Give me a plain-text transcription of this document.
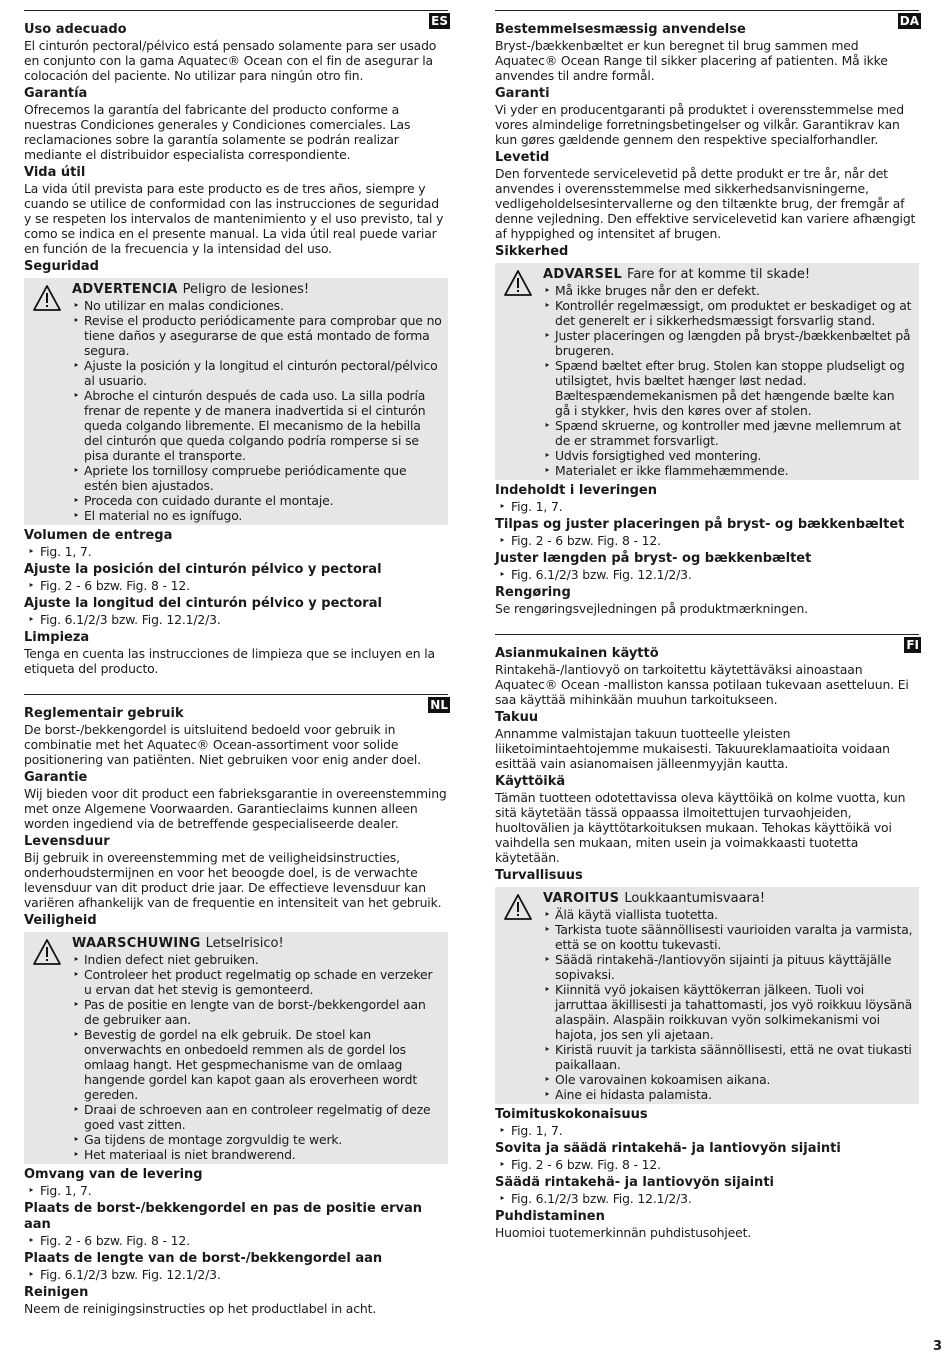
ES
Uso adecuado

El cinturón pectoral/pélvico está pensado solamente para ser usado en conjunto con la gama Aquatec® Ocean con el fin de asegurar la colocación del paciente. No utilizar para ningún otro fin.

Garantía

Ofrecemos la garantía del fabricante del producto conforme a nuestras Condiciones generales y Condiciones comerciales. Las reclamaciones sobre la garantía solamente se podrán realizar mediante el distribuidor especialista correspondiente.

Vida útil

La vida útil prevista para este producto es de tres años, siempre y cuando se utilice de conformidad con las instrucciones de seguridad y se respeten los intervalos de mantenimiento y el uso previsto, tal y como se indica en el presente manual. La vida útil real puede variar en función de la frecuencia y la intensidad del uso.

Seguridad
ADVERTENCIA Peligro de lesiones!
‣ No utilizar en malas condiciones.
‣ Revise el producto periódicamente para comprobar que no tiene daños y asegurarse de que está montado de forma segura.
‣ Ajuste la posición y la longitud el cinturón pectoral/pélvico al usuario.
‣ Abroche el cinturón después de cada uso. La silla podría frenar de repente y de manera inadvertida si el cinturón queda colgando libremente. El mecanismo de la hebilla del cinturón que queda colgando podría romperse si se pisa durante el transporte.
‣ Apriete los tornillosy compruebe periódicamente que estén bien ajustados.
‣ Proceda con cuidado durante el montaje.
‣ El material no es ignífugo.
Volumen de entrega
‣ Fig. 1, 7.
Ajuste la posición del cinturón pélvico y pectoral
‣ Fig. 2 - 6 bzw. Fig. 8 - 12.
Ajuste la longitud del cinturón pélvico y pectoral
‣ Fig. 6.1/2/3 bzw. Fig. 12.1/2/3.
Limpieza

Tenga en cuenta las instrucciones de limpieza que se incluyen en la etiqueta del producto.

NL
Reglementair gebruik

De borst-/bekkengordel is uitsluitend bedoeld voor gebruik in combinatie met het Aquatec® Ocean-assortiment voor solide positionering van patiënten. Niet gebruiken voor enig ander doel.

Garantie

Wij bieden voor dit product een fabrieksgarantie in overeenstemming met onze Algemene Voorwaarden. Garantieclaims kunnen alleen worden ingediend via de betreffende gespecialiseerde dealer.

Levensduur

Bij gebruik in overeenstemming met de veiligheidsinstructies, onderhoudstermijnen en voor het beoogde doel, is de verwachte levensduur van dit product drie jaar. De effectieve levensduur kan variëren afhankelijk van de frequentie en intensiteit van het gebruik.

Veiligheid
WAARSCHUWING Letselrisico!
‣ Indien defect niet gebruiken.
‣ Controleer het product regelmatig op schade en verzeker u ervan dat het stevig is gemonteerd.
‣ Pas de positie en lengte van de borst-/bekkengordel aan de gebruiker aan.
‣ Bevestig de gordel na elk gebruik. De stoel kan onverwachts en onbedoeld remmen als de gordel los omlaag hangt. Het gespmechanisme van de omlaag hangende gordel kan kapot gaan als eroverheen wordt gereden.
‣ Draai de schroeven aan en controleer regelmatig of deze goed vast zitten.
‣ Ga tijdens de montage zorgvuldig te werk.
‣ Het materiaal is niet brandwerend.
Omvang van de levering
‣ Fig. 1, 7.
Plaats de borst-/bekkengordel en pas de positie ervan aan
‣ Fig. 2 - 6 bzw. Fig. 8 - 12.
Plaats de lengte van de borst-/bekkengordel aan
‣ Fig. 6.1/2/3 bzw. Fig. 12.1/2/3.
Reinigen

Neem de reinigingsinstructies op het productlabel in acht.

DA
Bestemmelsesmæssig anvendelse

Bryst-/bækkenbæltet er kun beregnet til brug sammen med Aquatec® Ocean Range til sikker placering af patienten. Må ikke anvendes til andre formål.

Garanti

Vi yder en producentgaranti på produktet i overensstemmelse med vores almindelige forretningsbetingelser og vilkår. Garantikrav kan kun gøres gældende gennem den respektive specialforhandler.

Levetid

Den forventede servicelevetid på dette produkt er tre år, når det anvendes i overensstemmelse med sikkerhedsanvisningerne, vedligeholdelsesintervallerne og den tiltænkte brug, der fremgår af denne vejledning. Den effektive servicelevetid kan variere afhængigt af hyppighed og intensitet af brugen.

Sikkerhed
ADVARSEL Fare for at komme til skade!
‣ Må ikke bruges når den er defekt.
‣ Kontrollér regelmæssigt, om produktet er beskadiget og at det generelt er i sikkerhedsmæssigt forsvarlig stand.
‣ Juster placeringen og længden på bryst-/bækkenbæltet på brugeren.
‣ Spænd bæltet efter brug. Stolen kan stoppe pludseligt og utilsigtet, hvis bæltet hænger løst nedad. Bæltespændemekanismen på det hængende bælte kan gå i stykker, hvis den køres over af stolen.
‣ Spænd skruerne, og kontroller med jævne mellemrum at de er strammet forsvarligt.
‣ Udvis forsigtighed ved montering.
‣ Materialet er ikke flammehæmmende.
Indeholdt i leveringen
‣ Fig. 1, 7.
Tilpas og juster placeringen på bryst- og bækkenbæltet
‣ Fig. 2 - 6 bzw. Fig. 8 - 12.
Juster længden på bryst- og bækkenbæltet
‣ Fig. 6.1/2/3 bzw. Fig. 12.1/2/3.
Rengøring

Se rengøringsvejledningen på produktmærkningen.

FI
Asianmukainen käyttö

Rintakehä-/lantiovyö on tarkoitettu käytettäväksi ainoastaan Aquatec® Ocean -malliston kanssa potilaan tukevaan asetteluun. Ei saa käyttää mihinkään muuhun tarkoitukseen.

Takuu

Annamme valmistajan takuun tuotteelle yleisten liiketoimintaehtojemme mukaisesti. Takuureklamaatioita voidaan esittää vain asianomaisen jälleenmyyjän kautta.

Käyttöikä

Tämän tuotteen odotettavissa oleva käyttöikä on kolme vuotta, kun sitä käytetään tässä oppaassa ilmoitettujen turvaohjeiden, huoltovälien ja käyttötarkoituksen mukaan. Tehokas käyttöikä voi vaihdella sen mukaan, miten usein ja voimakkaasti tuotetta käytetään.

Turvallisuus
VAROITUS Loukkaantumisvaara!
‣ Älä käytä viallista tuotetta.
‣ Tarkista tuote säännöllisesti vaurioiden varalta ja varmista, että se on koottu tukevasti.
‣ Säädä rintakehä-/lantiovyön sijainti ja pituus käyttäjälle sopivaksi.
‣ Kiinnitä vyö jokaisen käyttökerran jälkeen. Tuoli voi jarruttaa äkillisesti ja tahattomasti, jos vyö roikkuu löysänä alaspäin. Alaspäin roikkuvan vyön solkimekanismi voi hajota, jos sen yli ajetaan.
‣ Kiristä ruuvit ja tarkista säännöllisesti, että ne ovat tiukasti paikallaan.
‣ Ole varovainen kokoamisen aikana.
‣ Aine ei hidasta palamista.
Toimituskokonaisuus
‣ Fig. 1, 7.
Sovita ja säädä rintakehä- ja lantiovyön sijainti
‣ Fig. 2 - 6 bzw. Fig. 8 - 12.
Säädä rintakehä- ja lantiovyön sijainti
‣ Fig. 6.1/2/3 bzw. Fig. 12.1/2/3.
Puhdistaminen

Huomioi tuotemerkinnän puhdistusohjeet.

3
